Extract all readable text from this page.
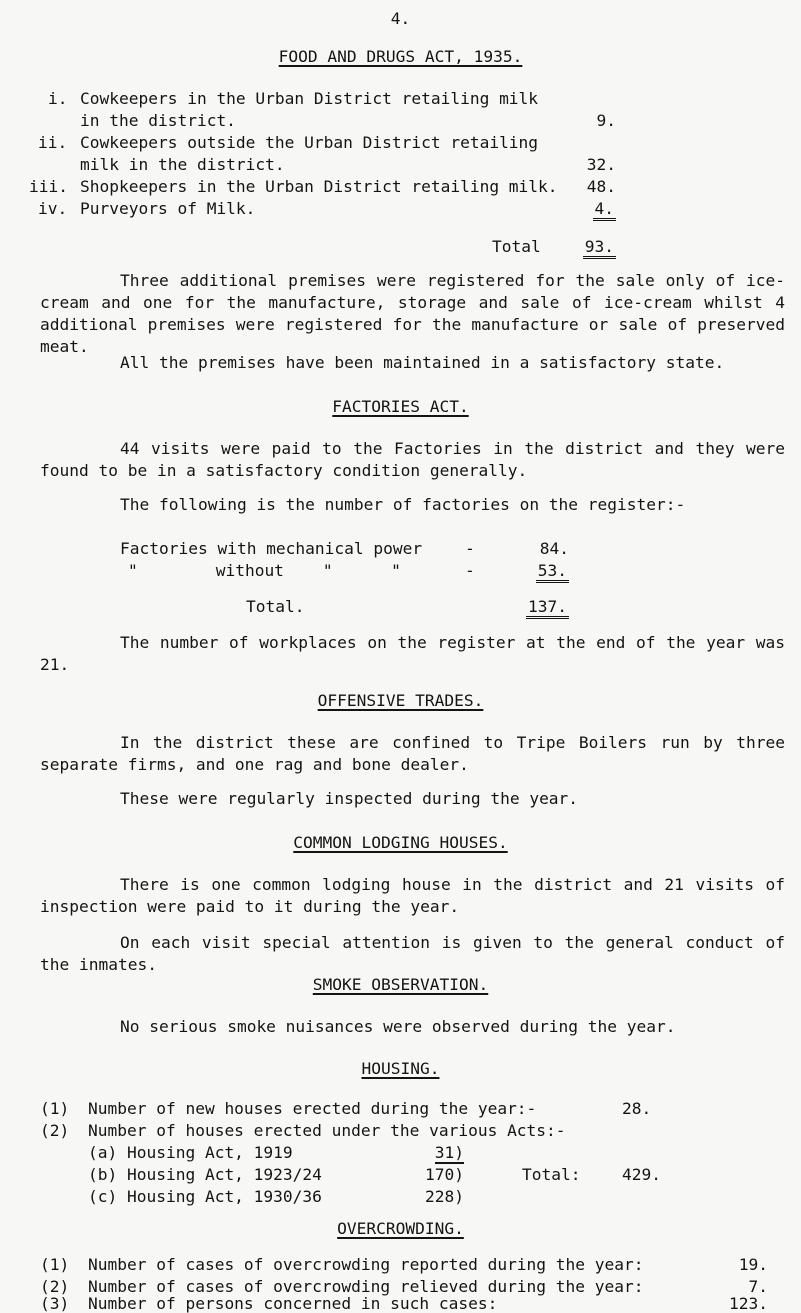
4.
FOOD AND DRUGS ACT, 1935.
i. Cowkeepers in the Urban District retailing milk
in the district.	9.
ii. Cowkeepers outside the Urban District retailing
milk in the district.	32.
iii. Shopkeepers in the Urban District retailing milk. 48.
iv. Purveyors of Milk.	4.
Total	93.
Three additional premises were registered for the sale only of ice-cream and one for the manufacture, storage and sale of ice-cream whilst 4 additional premises were registered for the manufacture or sale of preserved meat.
All the premises have been maintained in a satisfactory state.
FACTORIES ACT.
44 visits were paid to the Factories in the district and they were found to be in a satisfactory condition generally.
The following is the number of factories on the register:-
Factories with mechanical power	-	84.
"        without    "      "	-	53.
Total.	137.
The number of workplaces on the register at the end of the year was 21.
OFFENSIVE TRADES.
In the district these are confined to Tripe Boilers run by three separate firms, and one rag and bone dealer.
These were regularly inspected during the year.
COMMON LODGING HOUSES.
There is one common lodging house in the district and 21 visits of inspection were paid to it during the year.
On each visit special attention is given to the general conduct of the inmates.
SMOKE OBSERVATION.
No serious smoke nuisances were observed during the year.
HOUSING.
(1) Number of new houses erected during the year:-	28.
(2) Number of houses erected under the various Acts:-
(a) Housing Act, 1919	31)
(b) Housing Act, 1923/24	170)	Total:	429.
(c) Housing Act, 1930/36	228)
OVERCROWDING.
(1) Number of cases of overcrowding reported during the year:	19.
(2) Number of cases of overcrowding relieved during the year:	7.
(3) Number of persons concerned in such cases:	123.
